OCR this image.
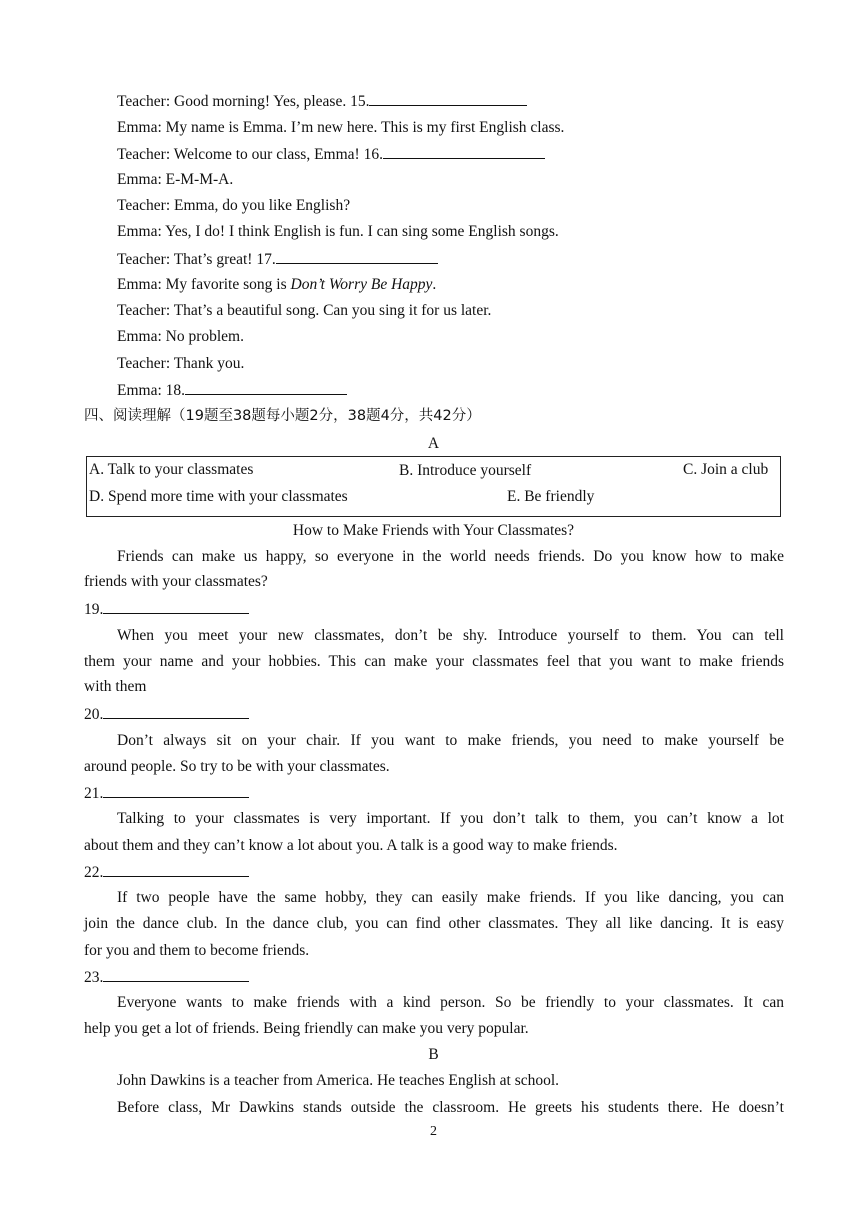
Teacher: Good morning! Yes, please. 15.
Emma: My name is Emma. I’m new here. This is my first English class.
Teacher: Welcome to our class, Emma! 16.
Emma: E-M-M-A.
Teacher: Emma, do you like English?
Emma: Yes, I do! I think English is fun. I can sing some English songs.
Teacher: That’s great! 17.
Emma: My favorite song is Don’t Worry Be Happy.
Teacher: That’s a beautiful song. Can you sing it for us later.
Emma: No problem.
Teacher: Thank you.
Emma: 18.
四、阅读理解（19题至38题每小题2分，38题4分，共42分）
A
A. Talk to your classmates	B. Introduce yourself	C. Join a club
D. Spend more time with your classmates	E. Be friendly
How to Make Friends with Your Classmates?
Friends can make us happy, so everyone in the world needs friends. Do you know how to make
friends with your classmates?
19.
When you meet your new classmates, don’t be shy. Introduce yourself to them. You can tell
them your name and your hobbies. This can make your classmates feel that you want to make friends
with them
20.
Don’t always sit on your chair. If you want to make friends, you need to make yourself be
around people. So try to be with your classmates.
21.
Talking to your classmates is very important. If you don’t talk to them, you can’t know a lot
about them and they can’t know a lot about you. A talk is a good way to make friends.
22.
If two people have the same hobby, they can easily make friends. If you like dancing, you can
join the dance club. In the dance club, you can find other classmates. They all like dancing. It is easy
for you and them to become friends.
23.
Everyone wants to make friends with a kind person. So be friendly to your classmates. It can
help you get a lot of friends. Being friendly can make you very popular.
B
John Dawkins is a teacher from America. He teaches English at school.
Before class, Mr Dawkins stands outside the classroom. He greets his students there. He doesn’t
2
